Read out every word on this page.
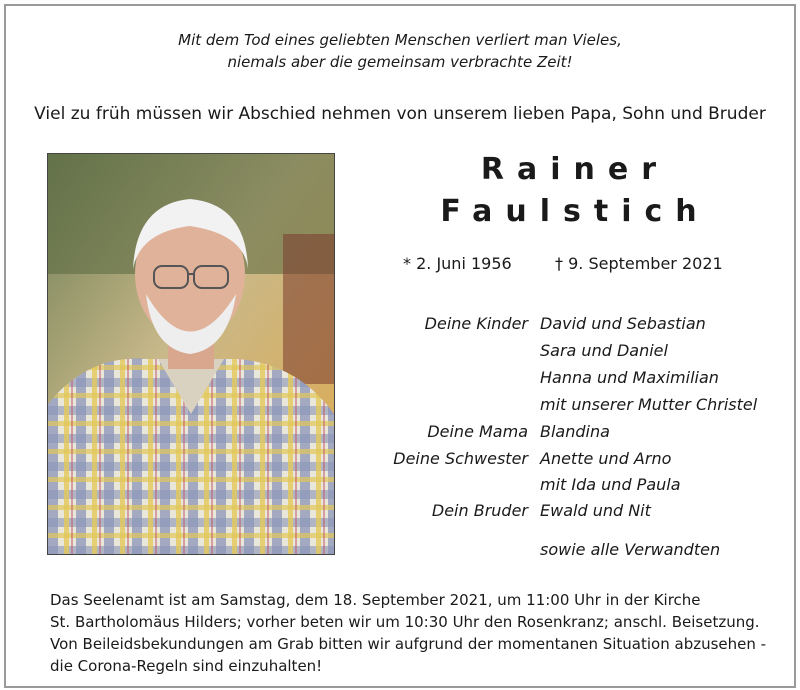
Mit dem Tod eines geliebten Menschen verliert man Vieles,
niemals aber die gemeinsam verbrachte Zeit!
Viel zu früh müssen wir Abschied nehmen von unserem lieben Papa, Sohn und Bruder
Rainer
Faulstich
* 2. Juni 1956	† 9. September 2021
Deine Kinder David und Sebastian
Sara und Daniel
Hanna und Maximilian
mit unserer Mutter Christel
Deine Mama Blandina
Deine Schwester Anette und Arno
mit Ida und Paula
Dein Bruder Ewald und Nit
sowie alle Verwandten
Das Seelenamt ist am Samstag, dem 18. September 2021, um 11:00 Uhr in der Kirche
St. Bartholomäus Hilders; vorher beten wir um 10:30 Uhr den Rosenkranz; anschl. Beisetzung.
Von Beileidsbekundungen am Grab bitten wir aufgrund der momentanen Situation abzusehen -
die Corona-Regeln sind einzuhalten!
